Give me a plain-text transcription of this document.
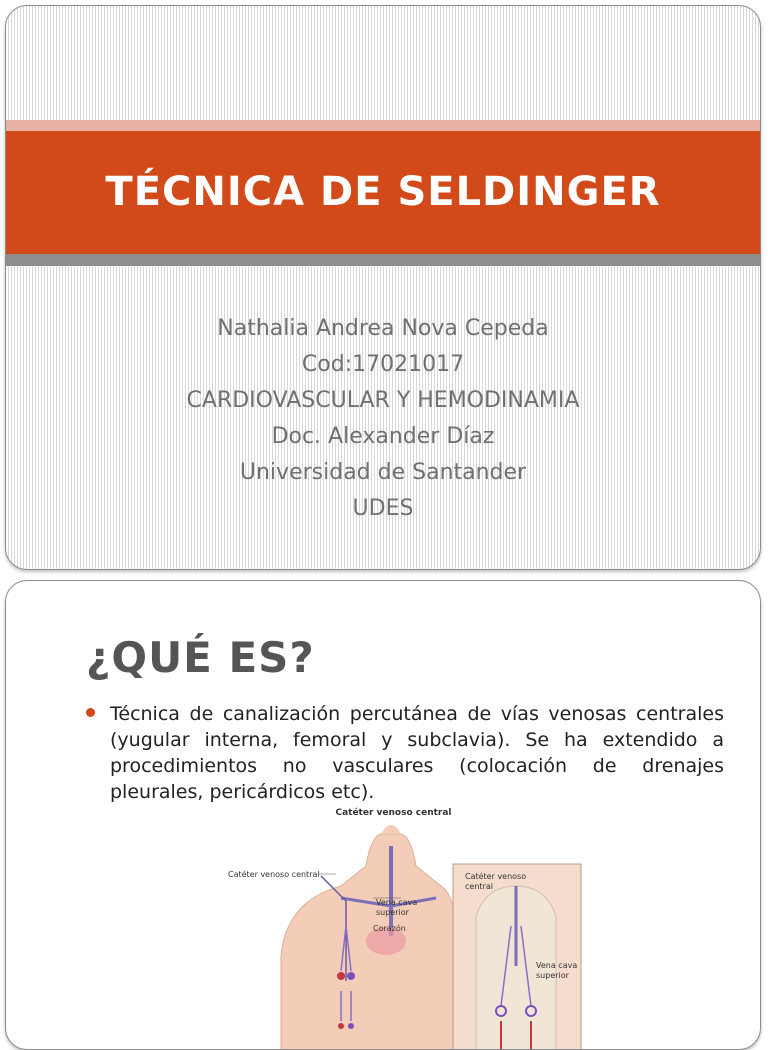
TÉCNICA DE SELDINGER
Nathalia Andrea Nova Cepeda
Cod:17021017
CARDIOVASCULAR Y HEMODINAMIA
Doc. Alexander Díaz
Universidad de Santander
UDES
¿QUÉ ES?
Técnica de canalización percutánea de vías venosas centrales (yugular interna, femoral y subclavia). Se ha extendido a procedimientos no vasculares (colocación de drenajes pleurales, pericárdicos etc).
Catéter venoso central
Catéter venoso central
Vena cava superior
Corazón
Catéter venoso central
Vena cava superior
